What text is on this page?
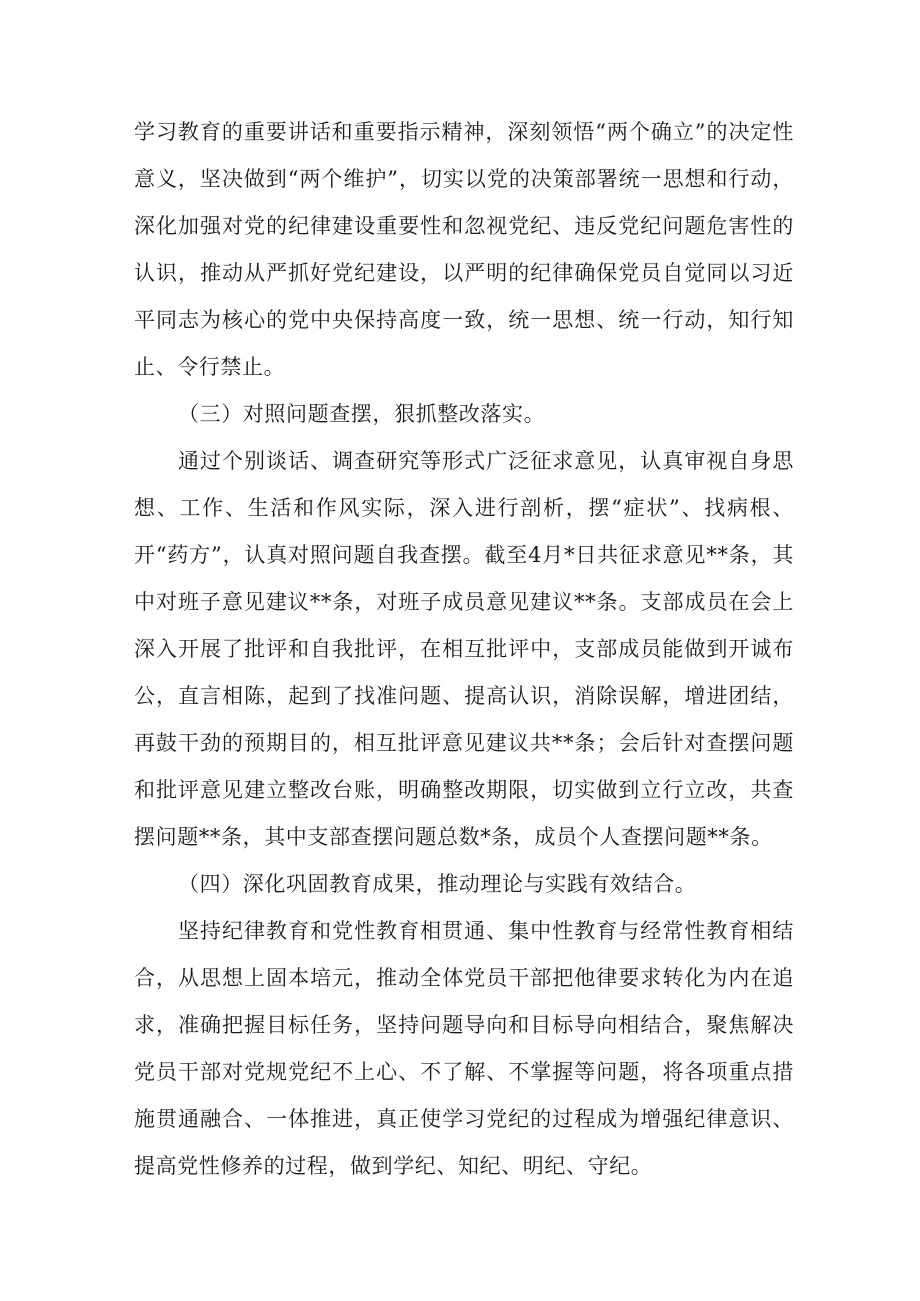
学习教育的重要讲话和重要指示精神，深刻领悟“两个确立”的决定性意义，坚决做到“两个维护”，切实以党的决策部署统一思想和行动，深化加强对党的纪律建设重要性和忽视党纪、违反党纪问题危害性的认识，推动从严抓好党纪建设，以严明的纪律确保党员自觉同以习近平同志为核心的党中央保持高度一致，统一思想、统一行动，知行知止、令行禁止。

（三）对照问题查摆，狠抓整改落实。

通过个别谈话、调查研究等形式广泛征求意见，认真审视自身思想、工作、生活和作风实际，深入进行剖析，摆“症状”、找病根、开“药方”，认真对照问题自我查摆。截至4月*日共征求意见**条，其中对班子意见建议**条，对班子成员意见建议**条。支部成员在会上深入开展了批评和自我批评，在相互批评中，支部成员能做到开诚布公，直言相陈，起到了找准问题、提高认识，消除误解，增进团结，再鼓干劲的预期目的，相互批评意见建议共**条；会后针对查摆问题和批评意见建立整改台账，明确整改期限，切实做到立行立改，共查摆问题**条，其中支部查摆问题总数*条，成员个人查摆问题**条。

（四）深化巩固教育成果，推动理论与实践有效结合。

坚持纪律教育和党性教育相贯通、集中性教育与经常性教育相结合，从思想上固本培元，推动全体党员干部把他律要求转化为内在追求，准确把握目标任务，坚持问题导向和目标导向相结合，聚焦解决党员干部对党规党纪不上心、不了解、不掌握等问题，将各项重点措施贯通融合、一体推进，真正使学习党纪的过程成为增强纪律意识、提高党性修养的过程，做到学纪、知纪、明纪、守纪。
